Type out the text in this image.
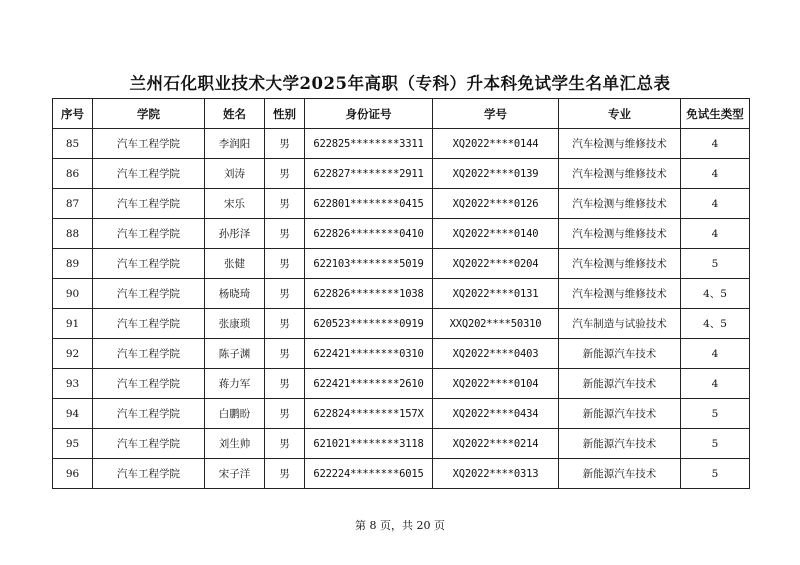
兰州石化职业技术大学2025年高职（专科）升本科免试学生名单汇总表
序号	学院	姓名	性别	身份证号	学号	专业	免试生类型
85	汽车工程学院	李润阳	男	622825********3311	XQ2022****0144	汽车检测与维修技术	4
86	汽车工程学院	刘涛	男	622827********2911	XQ2022****0139	汽车检测与维修技术	4
87	汽车工程学院	宋乐	男	622801********0415	XQ2022****0126	汽车检测与维修技术	4
88	汽车工程学院	孙彤泽	男	622826********0410	XQ2022****0140	汽车检测与维修技术	4
89	汽车工程学院	张健	男	622103********5019	XQ2022****0204	汽车检测与维修技术	5
90	汽车工程学院	杨晓琦	男	622826********1038	XQ2022****0131	汽车检测与维修技术	4、5
91	汽车工程学院	张康琐	男	620523********0919	XXQ202****50310	汽车制造与试验技术	4、5
92	汽车工程学院	陈子渊	男	622421********0310	XQ2022****0403	新能源汽车技术	4
93	汽车工程学院	蒋力军	男	622421********2610	XQ2022****0104	新能源汽车技术	4
94	汽车工程学院	白鹏盼	男	622824********157X	XQ2022****0434	新能源汽车技术	5
95	汽车工程学院	刘生帅	男	621021********3118	XQ2022****0214	新能源汽车技术	5
96	汽车工程学院	宋子洋	男	622224********6015	XQ2022****0313	新能源汽车技术	5
第 8 页，共 20 页
